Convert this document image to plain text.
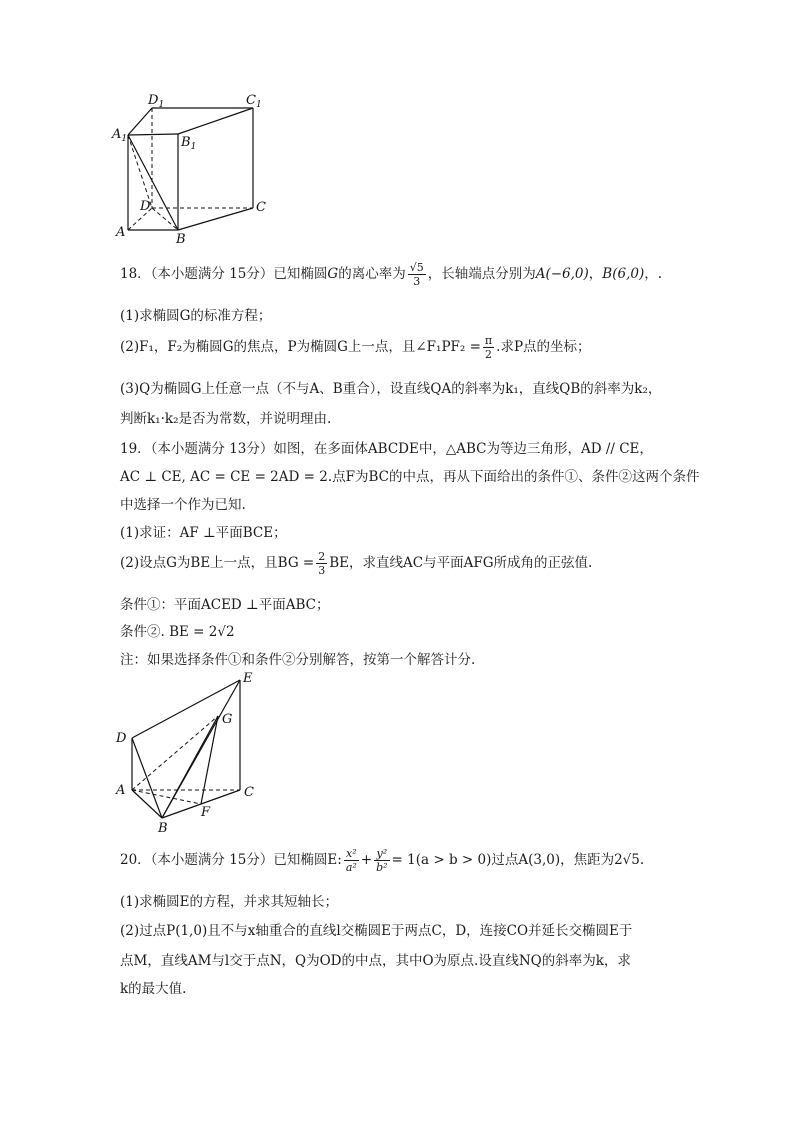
$D_1$	$C_1$
$A_1$	$B_1$
D	C
A	B
18．（本小题满分 15分）已知椭圆G的离心率为 $\frac{√5}{3}$ ，长轴端点分别为A(−6,0)，B(6,0)，.
(1)求椭圆G的标准方程；
(2)F₁，F₂为椭圆G的焦点，P为椭圆G上一点，且∠F₁PF₂ = $\frac{\pi}{2}$ .求P点的坐标；
(3)Q为椭圆G上任意一点（不与A、B重合），设直线QA的斜率为k₁，直线QB的斜率为k₂，
判断k₁·k₂是否为常数，并说明理由.
19．（本小题满分 13分）如图，在多面体ABCDE中，△ABC为等边三角形，AD // CE，
AC ⊥ CE, AC = CE = 2AD = 2.点F为BC的中点，再从下面给出的条件①、条件②这两个条件
中选择一个作为已知.
(1)求证：AF ⊥平面BCE；
(2)设点G为BE上一点，且BG = $\frac{2}{3}$ BE，求直线AC与平面AFG所成角的正弦值.
条件①：平面ACED ⊥平面ABC；
条件②. BE = 2√2
注：如果选择条件①和条件②分别解答，按第一个解答计分.
E
G
D
A	C
F
B
20．（本小题满分 15分）已知椭圆E: $\frac{\text{x²}}{\text{a²}} + \frac{\text{y²}}{\text{b²}} = 1(a > b > 0)$过点A(3,0)，焦距为2√5.
(1)求椭圆E的方程，并求其短轴长；
(2)过点P(1,0)且不与x轴重合的直线l交椭圆E于两点C，D，连接CO并延长交椭圆E于
点M，直线AM与l交于点N，Q为OD的中点，其中O为原点.设直线NQ的斜率为k，求
k的最大值.
